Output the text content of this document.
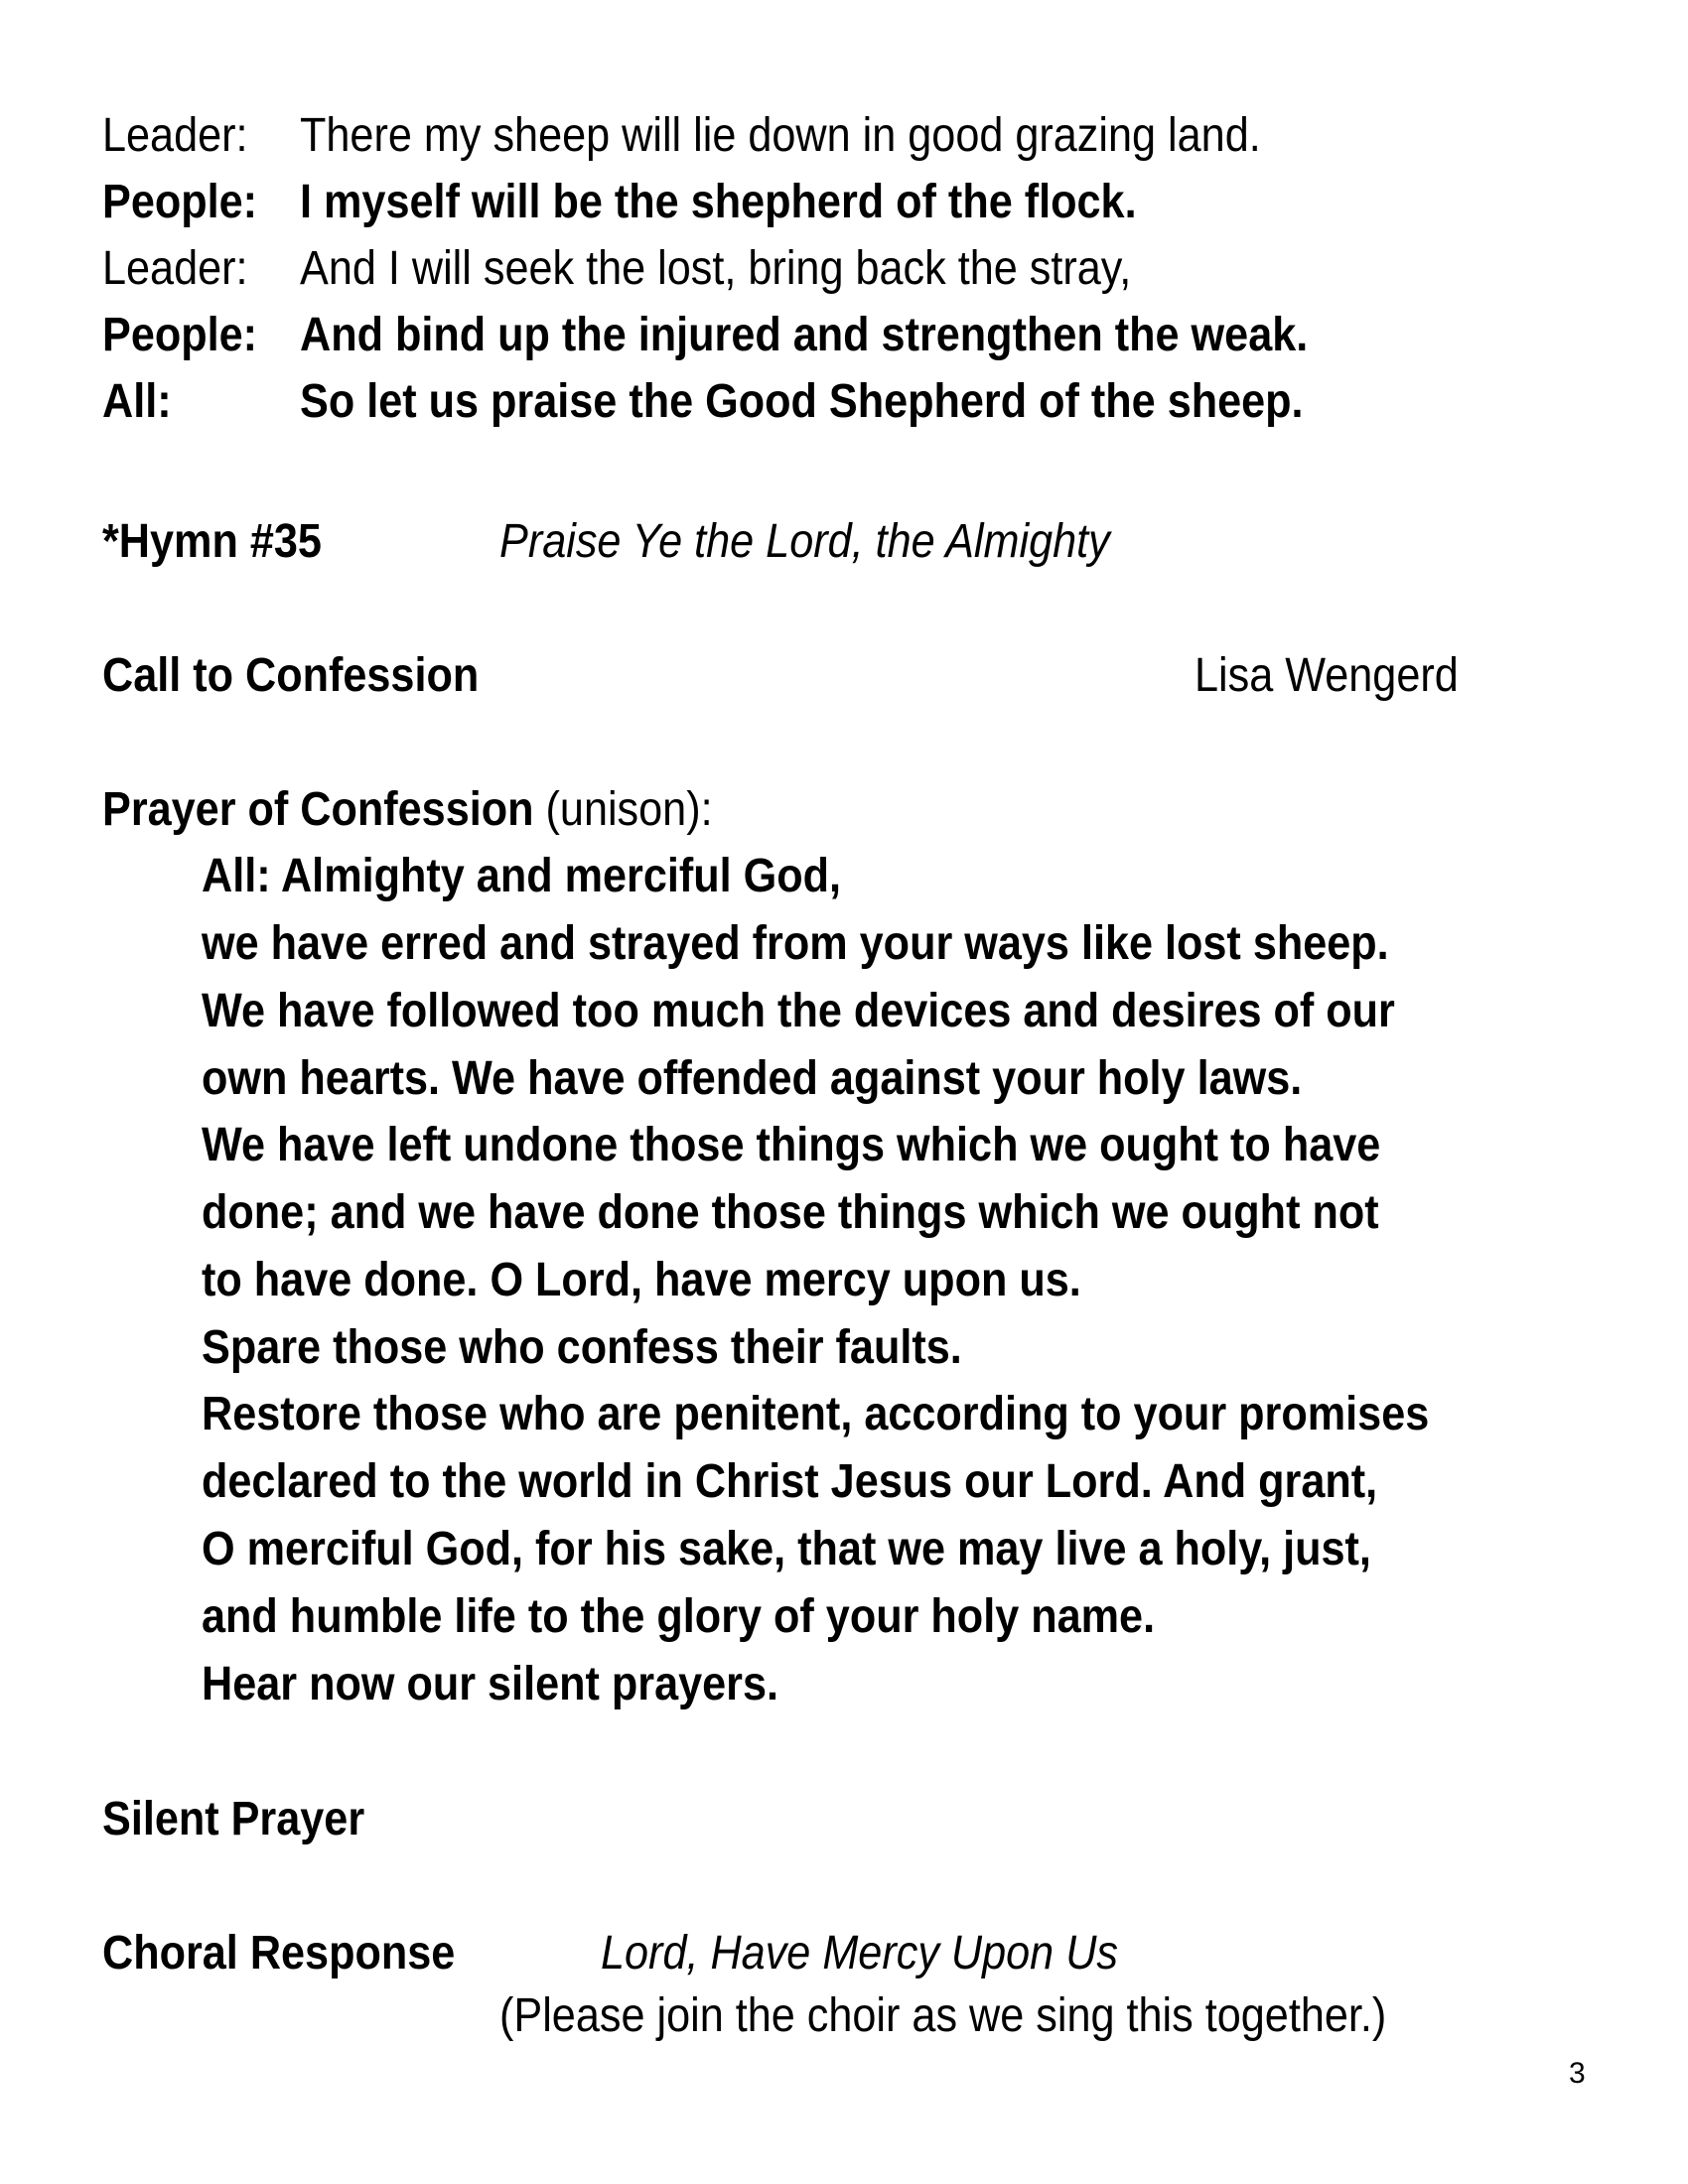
Leader: There my sheep will lie down in good grazing land.
People: I myself will be the shepherd of the flock.
Leader: And I will seek the lost, bring back the stray,
People: And bind up the injured and strengthen the weak.
All:	So let us praise the Good Shepherd of the sheep.
*Hymn #35	Praise Ye the Lord, the Almighty
Call to Confession	Lisa Wengerd
Prayer of Confession (unison):
All: Almighty and merciful God,
we have erred and strayed from your ways like lost sheep.
We have followed too much the devices and desires of our
own hearts. We have offended against your holy laws.
We have left undone those things which we ought to have
done; and we have done those things which we ought not
to have done. O Lord, have mercy upon us.
Spare those who confess their faults.
Restore those who are penitent, according to your promises
declared to the world in Christ Jesus our Lord. And grant,
O merciful God, for his sake, that we may live a holy, just,
and humble life to the glory of your holy name.
Hear now our silent prayers.
Silent Prayer
Choral Response	Lord, Have Mercy Upon Us
(Please join the choir as we sing this together.)
3
